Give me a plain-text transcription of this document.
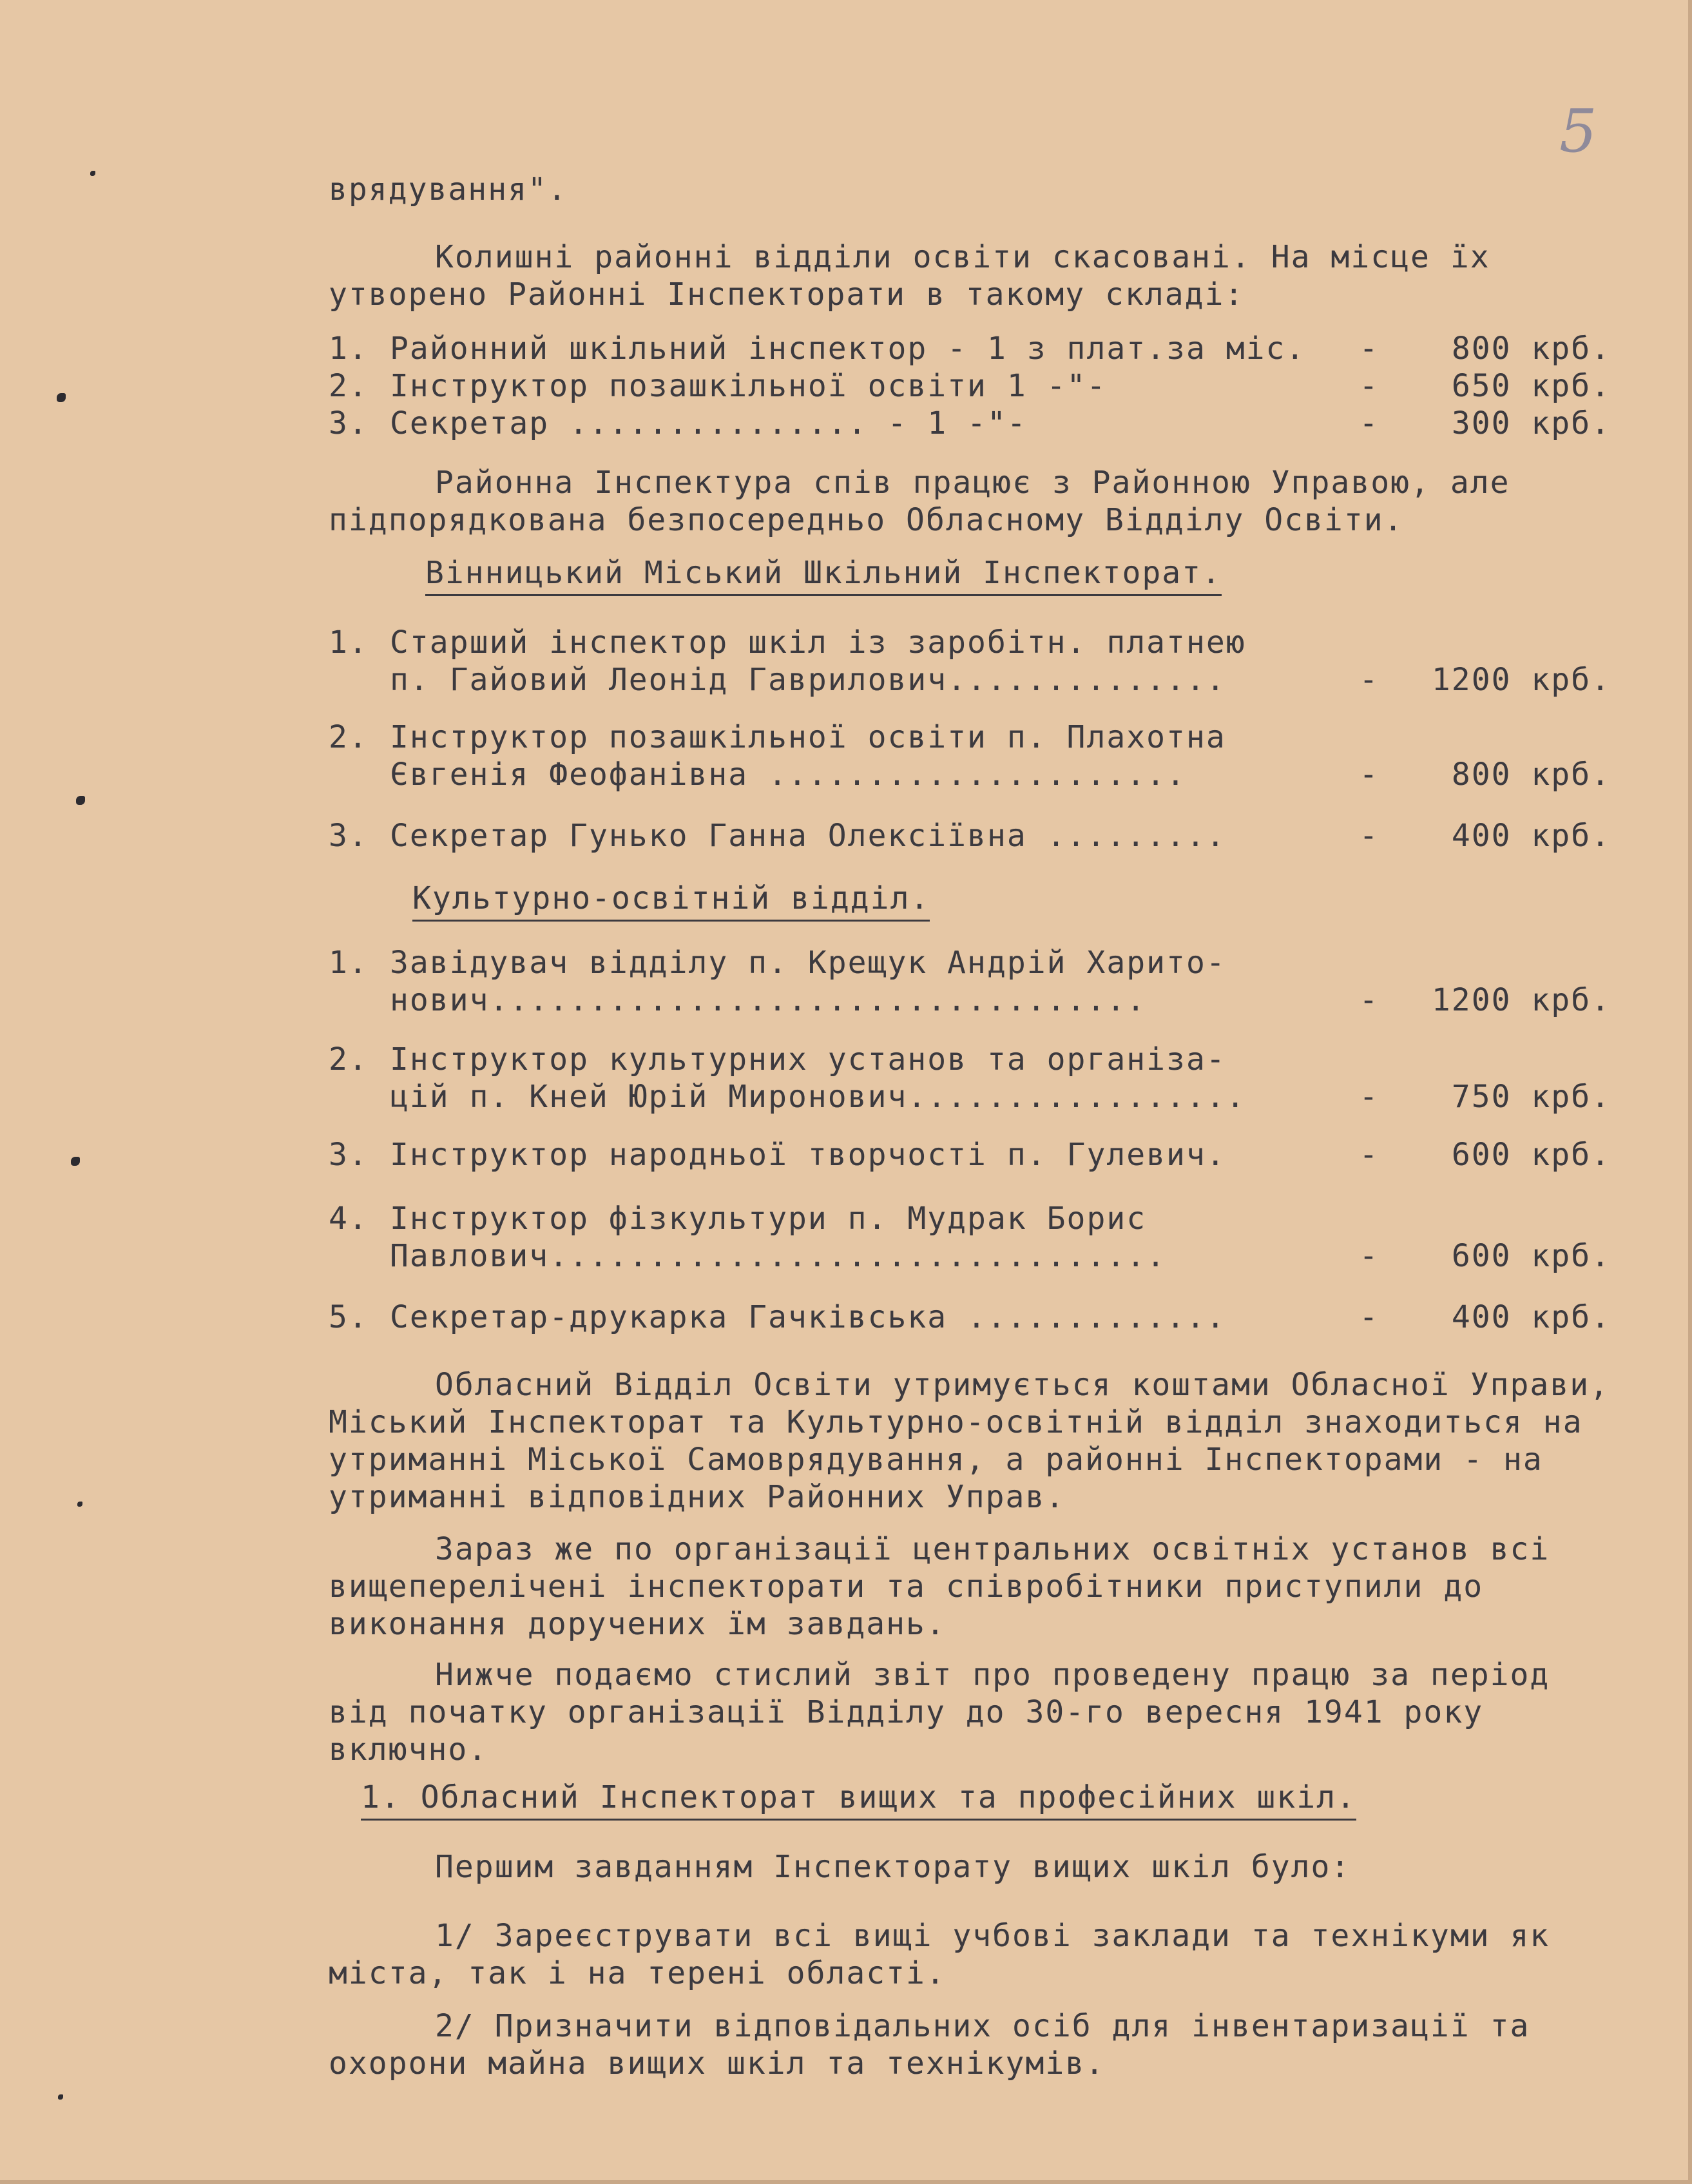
5

врядування".

Колишні районні відділи освіти скасовані. На місце їх утворено Районні Інспекторати в такому складі:

1. Районний шкільний інспектор - 1 з плат.за міс.	-	800 крб.
2. Інструктор позашкільної освіти 1 -"-	-	650 крб.
3. Секретар ............... - 1 -"-	-	300 крб.

Районна Інспектура спів працює з Районною Управою, але підпорядкована безпосередньо Обласному Відділу Освіти.

Вінницький Міський Шкільний Інспекторат.
1. Старший інспектор шкіл із заробітн. платнею
п. Гайовий Леонід Гаврилович..............	-	1200 крб.
2. Інструктор позашкільної освіти п. Плахотна
Євгенія Феофанівна .....................	-	800 крб.
3. Секретар Гунько Ганна Олексіївна .........	-	400 крб.
Культурно-освітній відділ.
1. Завідувач відділу п. Крещук Андрій Харито-
нович.................................	-	1200 крб.
2. Інструктор культурних установ та організа-
цій п. Кней Юрій Миронович.................	-	750 крб.
3. Інструктор народньої творчості п. Гулевич.	-	600 крб.
4. Інструктор фізкультури п. Мудрак Борис
Павлович...............................	-	600 крб.
5. Секретар-друкарка Гачківська .............	-	400 крб.

Обласний Відділ Освіти утримується коштами Обласної Управи, Міський Інспекторат та Культурно-освітній відділ знаходиться на утриманні Міської Самоврядування, а районні Інспекторами - на утриманні відповідних Районних Управ.

Зараз же по організації центральних освітніх установ всі вищеперелічені інспекторати та співробітники приступили до виконання доручених їм завдань.

Нижче подаємо стислий звіт про проведену працю за період від початку організації Відділу до 30-го вересня 1941 року включно.

1. Обласний Інспекторат вищих та професійних шкіл.

Першим завданням Інспекторату вищих шкіл було:

1/ Зареєструвати всі вищі учбові заклади та технікуми як міста, так і на терені області.

2/ Призначити відповідальних осіб для інвентаризації та охорони майна вищих шкіл та технікумів.
